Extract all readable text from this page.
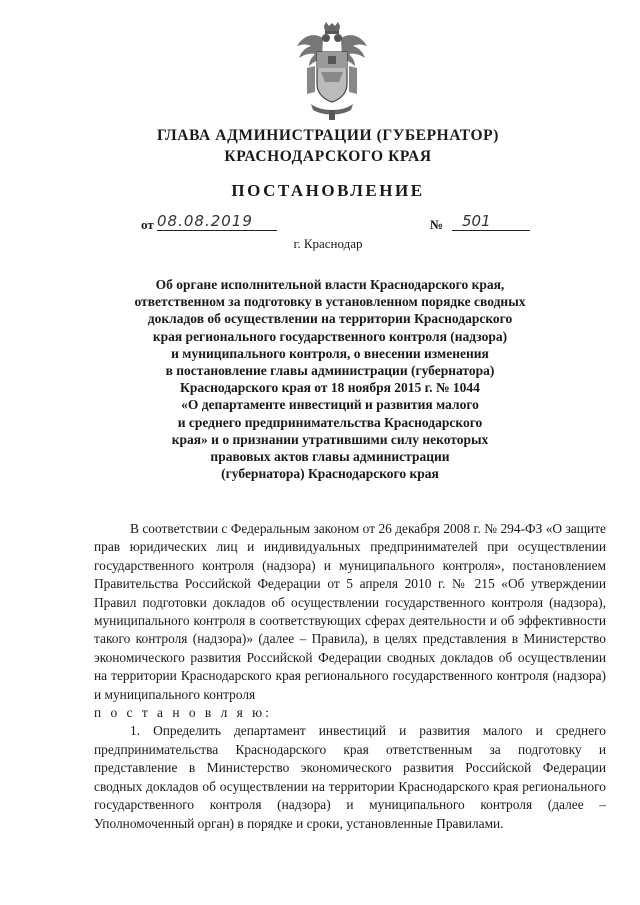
ГЛАВА АДМИНИСТРАЦИИ (ГУБЕРНАТОР)
КРАСНОДАРСКОГО КРАЯ
ПОСТАНОВЛЕНИЕ
от 08.08.2019	№	501
г. Краснодар
Об органе исполнительной власти Краснодарского края,
ответственном за подготовку в установленном порядке сводных
докладов об осуществлении на территории Краснодарского
края регионального государственного контроля (надзора)
и муниципального контроля, о внесении изменения
в постановление главы администрации (губернатора)
Краснодарского края от 18 ноября 2015 г. № 1044
«О департаменте инвестиций и развития малого
и среднего предпринимательства Краснодарского
края» и о признании утратившими силу некоторых
правовых актов главы администрации
(губернатора) Краснодарского края

В соответствии с Федеральным законом от 26 декабря 2008 г. № 294-ФЗ «О защите прав юридических лиц и индивидуальных предпринимателей при осуществлении государственного контроля (надзора) и муниципального контроля», постановлением Правительства Российской Федерации от 5 апреля 2010 г. № 215 «Об утверждении Правил подготовки докладов об осуществлении государственного контроля (надзора), муниципального контроля в соответствующих сферах деятельности и об эффективности такого контроля (надзора)» (далее – Правила), в целях представления в Министерство экономического развития Российской Федерации сводных докладов об осуществлении на территории Краснодарского края регионального государственного контроля (надзора) и муниципального контроля

п о с т а н о в л я ю:

1. Определить департамент инвестиций и развития малого и среднего предпринимательства Краснодарского края ответственным за подготовку и представление в Министерство экономического развития Российской Федерации сводных докладов об осуществлении на территории Краснодарского края регионального государственного контроля (надзора) и муниципального контроля (далее – Уполномоченный орган) в порядке и сроки, установленные Правилами.
